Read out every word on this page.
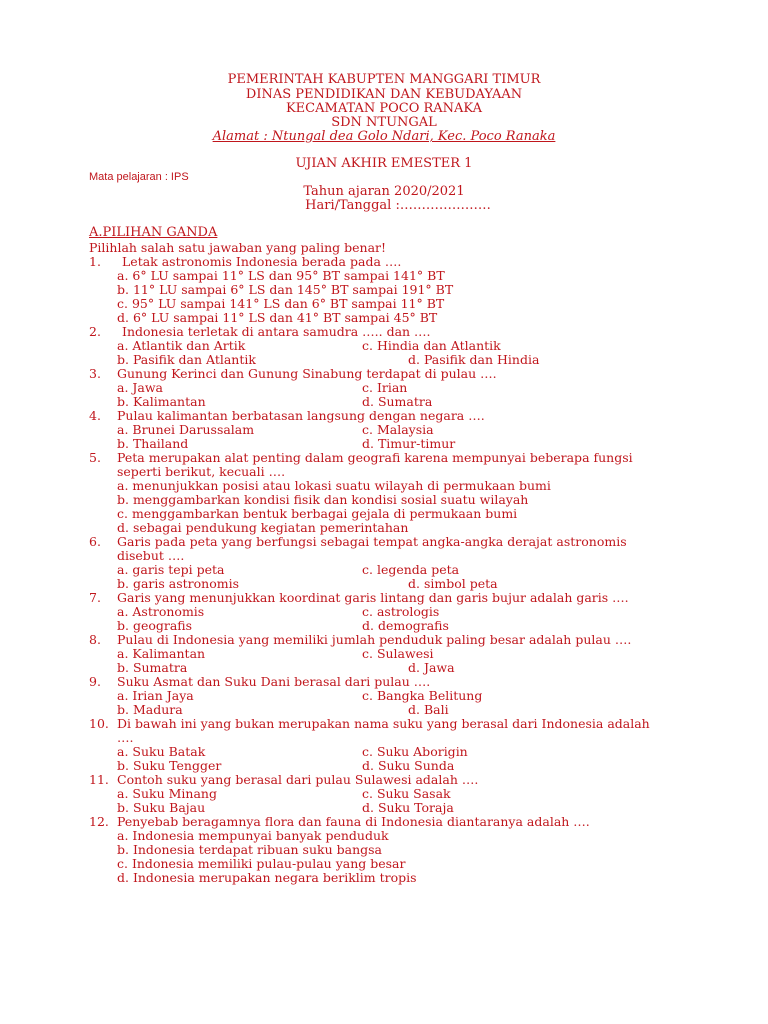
PEMERINTAH KABUPTEN MANGGARI TIMUR
DINAS PENDIDIKAN DAN KEBUDAYAAN
KECAMATAN POCO RANAKA
SDN NTUNGAL
Alamat : Ntungal dea Golo Ndari, Kec. Poco Ranaka
UJIAN AKHIR EMESTER 1
Mata pelajaran : IPS
Tahun ajaran 2020/2021
Hari/Tanggal :…………………
A.PILIHAN GANDA
Pilihlah salah satu jawaban yang paling benar!
1. Letak astronomis Indonesia berada pada ….
a. 6° LU sampai 11° LS dan 95° BT sampai 141° BT
b. 11° LU sampai 6° LS dan 145° BT sampai 191° BT
c. 95° LU sampai 141° LS dan 6° BT sampai 11° BT
d. 6° LU sampai 11° LS dan 41° BT sampai 45° BT
2. Indonesia terletak di antara samudra ….. dan ….
a. Atlantik dan Artik	c. Hindia dan Atlantik
b. Pasifik dan Atlantik	d. Pasifik dan Hindia
3. Gunung Kerinci dan Gunung Sinabung terdapat di pulau ….
a. Jawa	c. Irian
b. Kalimantan	d. Sumatra
4. Pulau kalimantan berbatasan langsung dengan negara ….
a. Brunei Darussalam	c. Malaysia
b. Thailand	d. Timur-timur
5. Peta merupakan alat penting dalam geografi karena mempunyai beberapa fungsi
seperti berikut, kecuali ….
a. menunjukkan posisi atau lokasi suatu wilayah di permukaan bumi
b. menggambarkan kondisi fisik dan kondisi sosial suatu wilayah
c. menggambarkan bentuk berbagai gejala di permukaan bumi
d. sebagai pendukung kegiatan pemerintahan
6. Garis pada peta yang berfungsi sebagai tempat angka-angka derajat astronomis
disebut ….
a. garis tepi peta	c. legenda peta
b. garis astronomis	d. simbol peta
7. Garis yang menunjukkan koordinat garis lintang dan garis bujur adalah garis ….
a. Astronomis	c. astrologis
b. geografis	d. demografis
8. Pulau di Indonesia yang memiliki jumlah penduduk paling besar adalah pulau ….
a. Kalimantan	c. Sulawesi
b. Sumatra	d. Jawa
9. Suku Asmat dan Suku Dani berasal dari pulau ….
a. Irian Jaya	c. Bangka Belitung
b. Madura	d. Bali
10. Di bawah ini yang bukan merupakan nama suku yang berasal dari Indonesia adalah
….
a. Suku Batak	c. Suku Aborigin
b. Suku Tengger	d. Suku Sunda
11. Contoh suku yang berasal dari pulau Sulawesi adalah ….
a. Suku Minang	c. Suku Sasak
b. Suku Bajau	d. Suku Toraja
12. Penyebab beragamnya flora dan fauna di Indonesia diantaranya adalah ….
a. Indonesia mempunyai banyak penduduk
b. Indonesia terdapat ribuan suku bangsa
c. Indonesia memiliki pulau-pulau yang besar
d. Indonesia merupakan negara beriklim tropis
